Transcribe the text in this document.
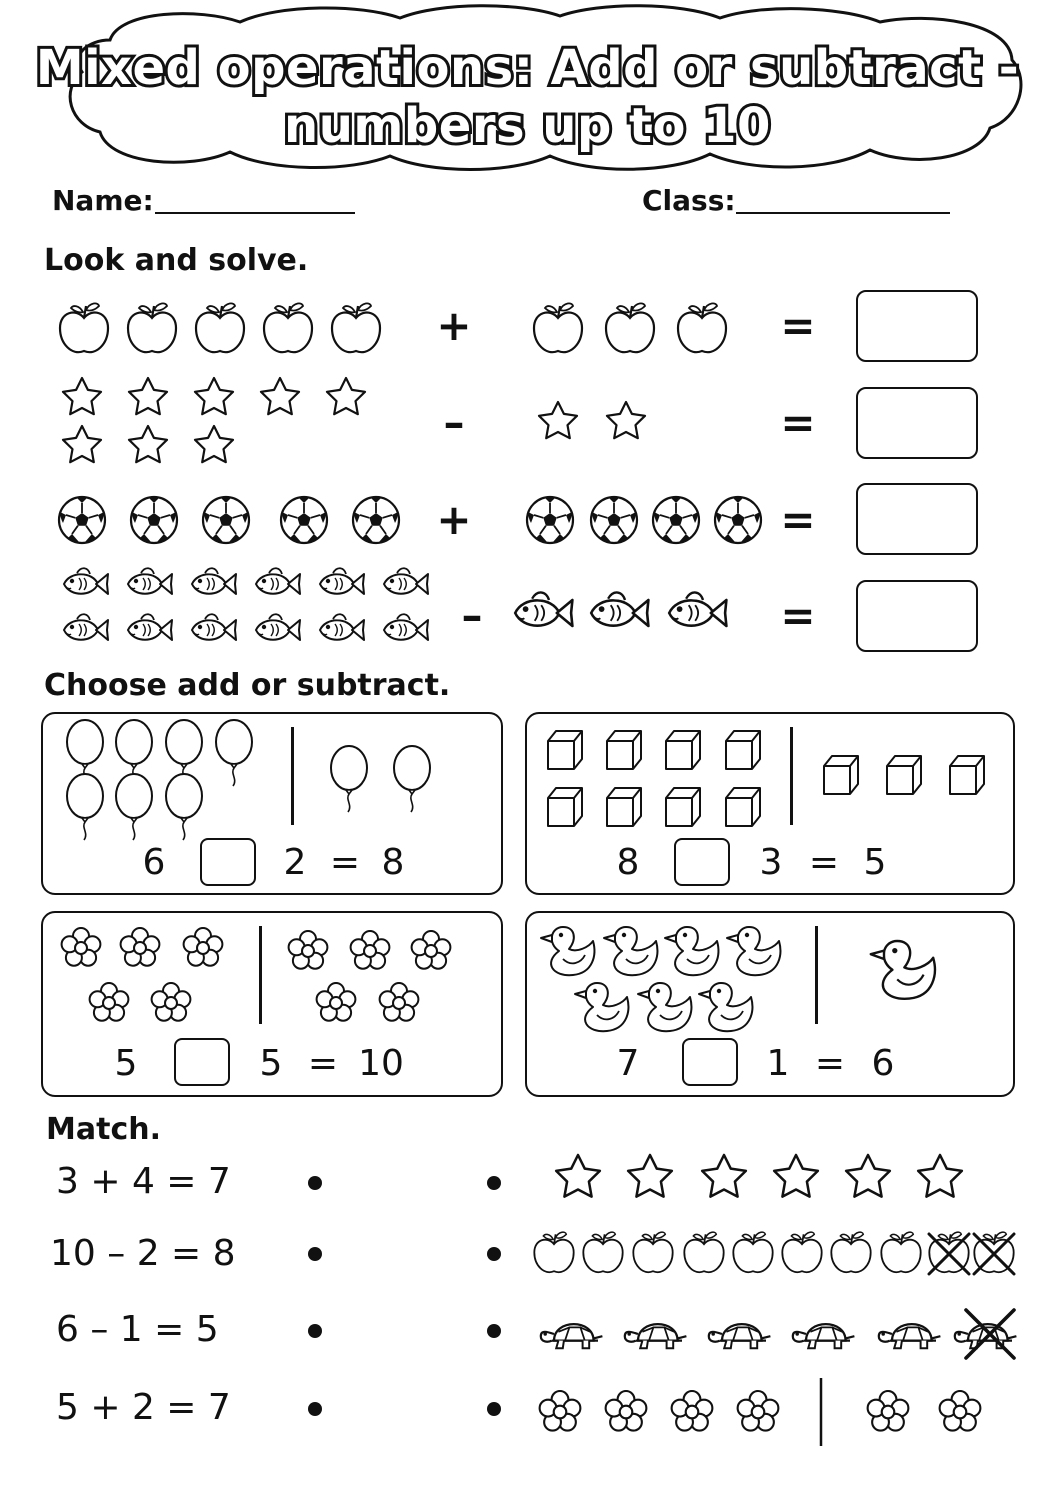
Mixed operations: Add or subtract -
numbers up to 10
Name:	Class:
Look and solve.
+	=
–	=
+	=
–	=
Choose add or subtract.
6	2 = 8	8	3 = 5
5	5 = 10	7	1 = 6
Match.
3 + 4 = 7
10 – 2 = 8
6 – 1 = 5
5 + 2 = 7
